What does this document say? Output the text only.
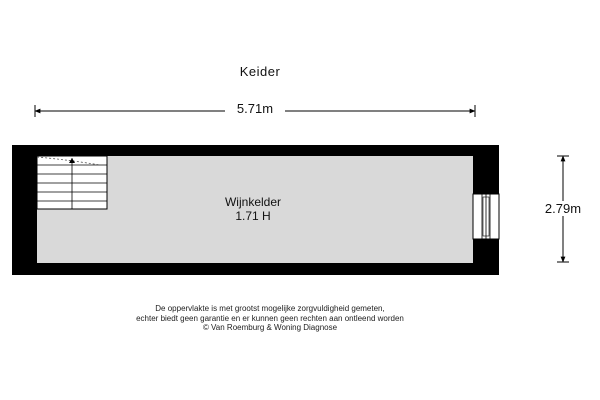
Keider
5.71m
2.79m
Wijnkelder
1.71 H
De oppervlakte is met grootst mogelijke zorgvuldigheid gemeten,
echter biedt geen garantie en er kunnen geen rechten aan ontleend worden
© Van Roemburg & Woning Diagnose
